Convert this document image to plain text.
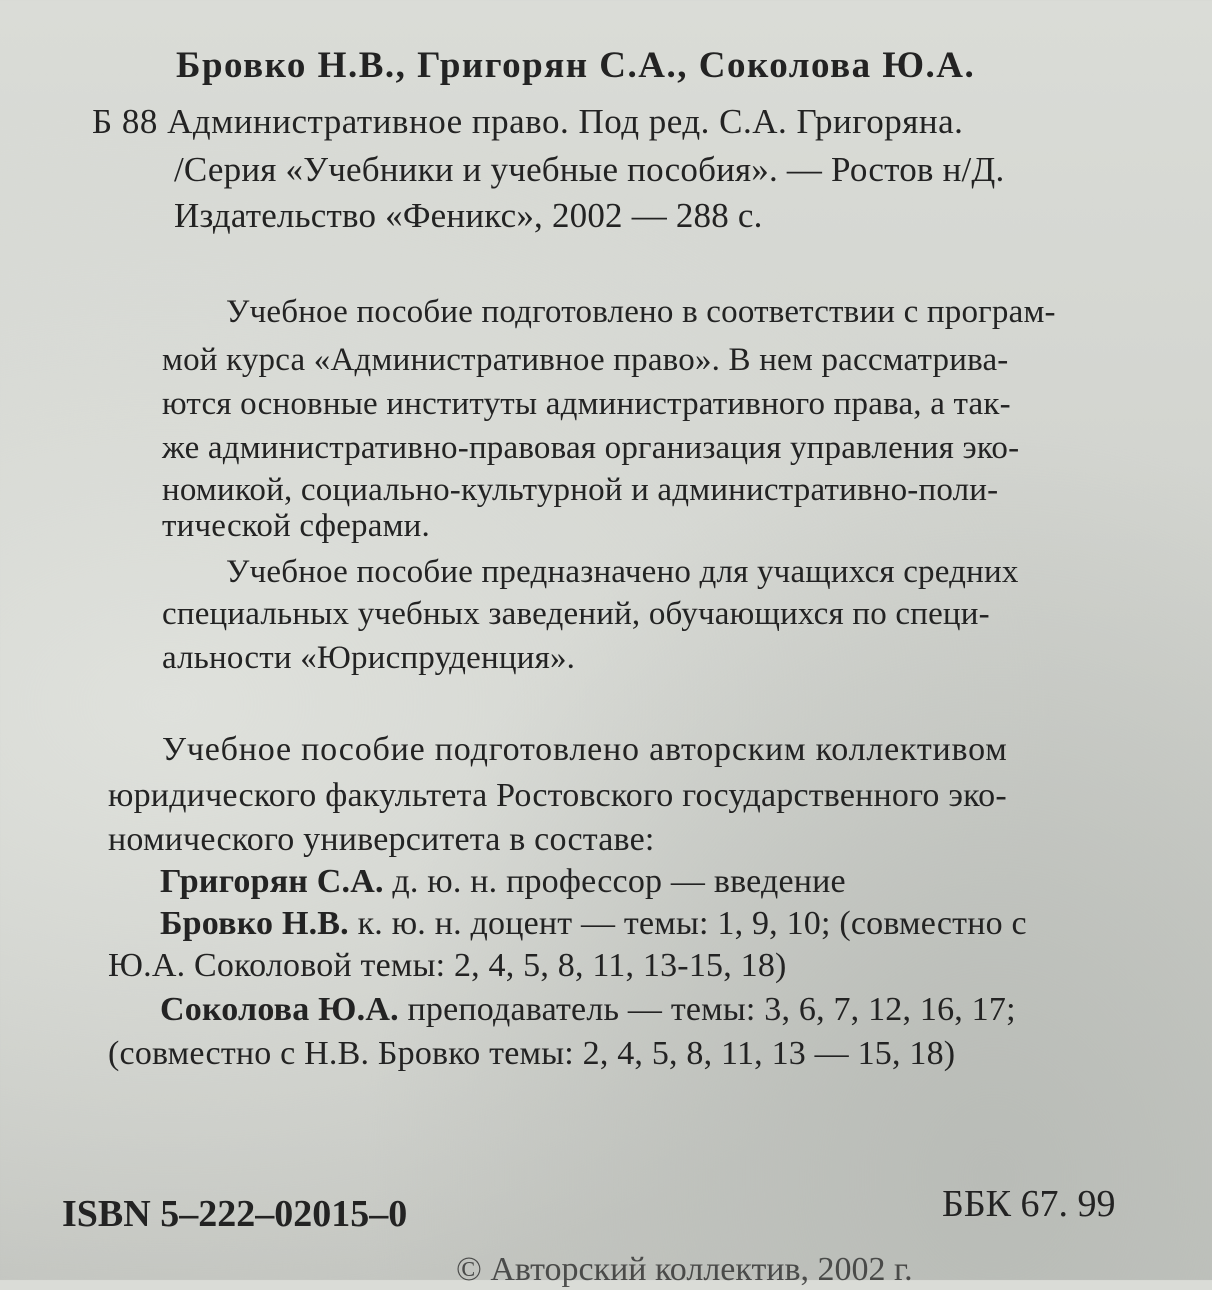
Бровко Н.В., Григорян С.А., Соколова Ю.А.
Б 88 Административное право. Под ред. С.А. Григоряна.
/Серия «Учебники и учебные пособия». — Ростов н/Д.
Издательство «Феникс», 2002 — 288 с.
Учебное пособие подготовлено в соответствии с програм-
мой курса «Административное право». В нем рассматрива-
ются основные институты административного права, а так-
же административно-правовая организация управления эко-
номикой, социально-культурной и административно-поли-
тической сферами.
Учебное пособие предназначено для учащихся средних
специальных учебных заведений, обучающихся по специ-
альности «Юриспруденция».
Учебное пособие подготовлено авторским коллективом
юридического факультета Ростовского государственного эко-
номического университета в составе:
Григорян С.А. д. ю. н. профессор — введение
Бровко Н.В. к. ю. н. доцент — темы: 1, 9, 10; (совместно с
Ю.А. Соколовой темы: 2, 4, 5, 8, 11, 13-15, 18)
Соколова Ю.А. преподаватель — темы: 3, 6, 7, 12, 16, 17;
(совместно с Н.В. Бровко темы: 2, 4, 5, 8, 11, 13 — 15, 18)
ISBN 5–222–02015–0	ББК 67. 99
© Авторский коллектив, 2002 г.
